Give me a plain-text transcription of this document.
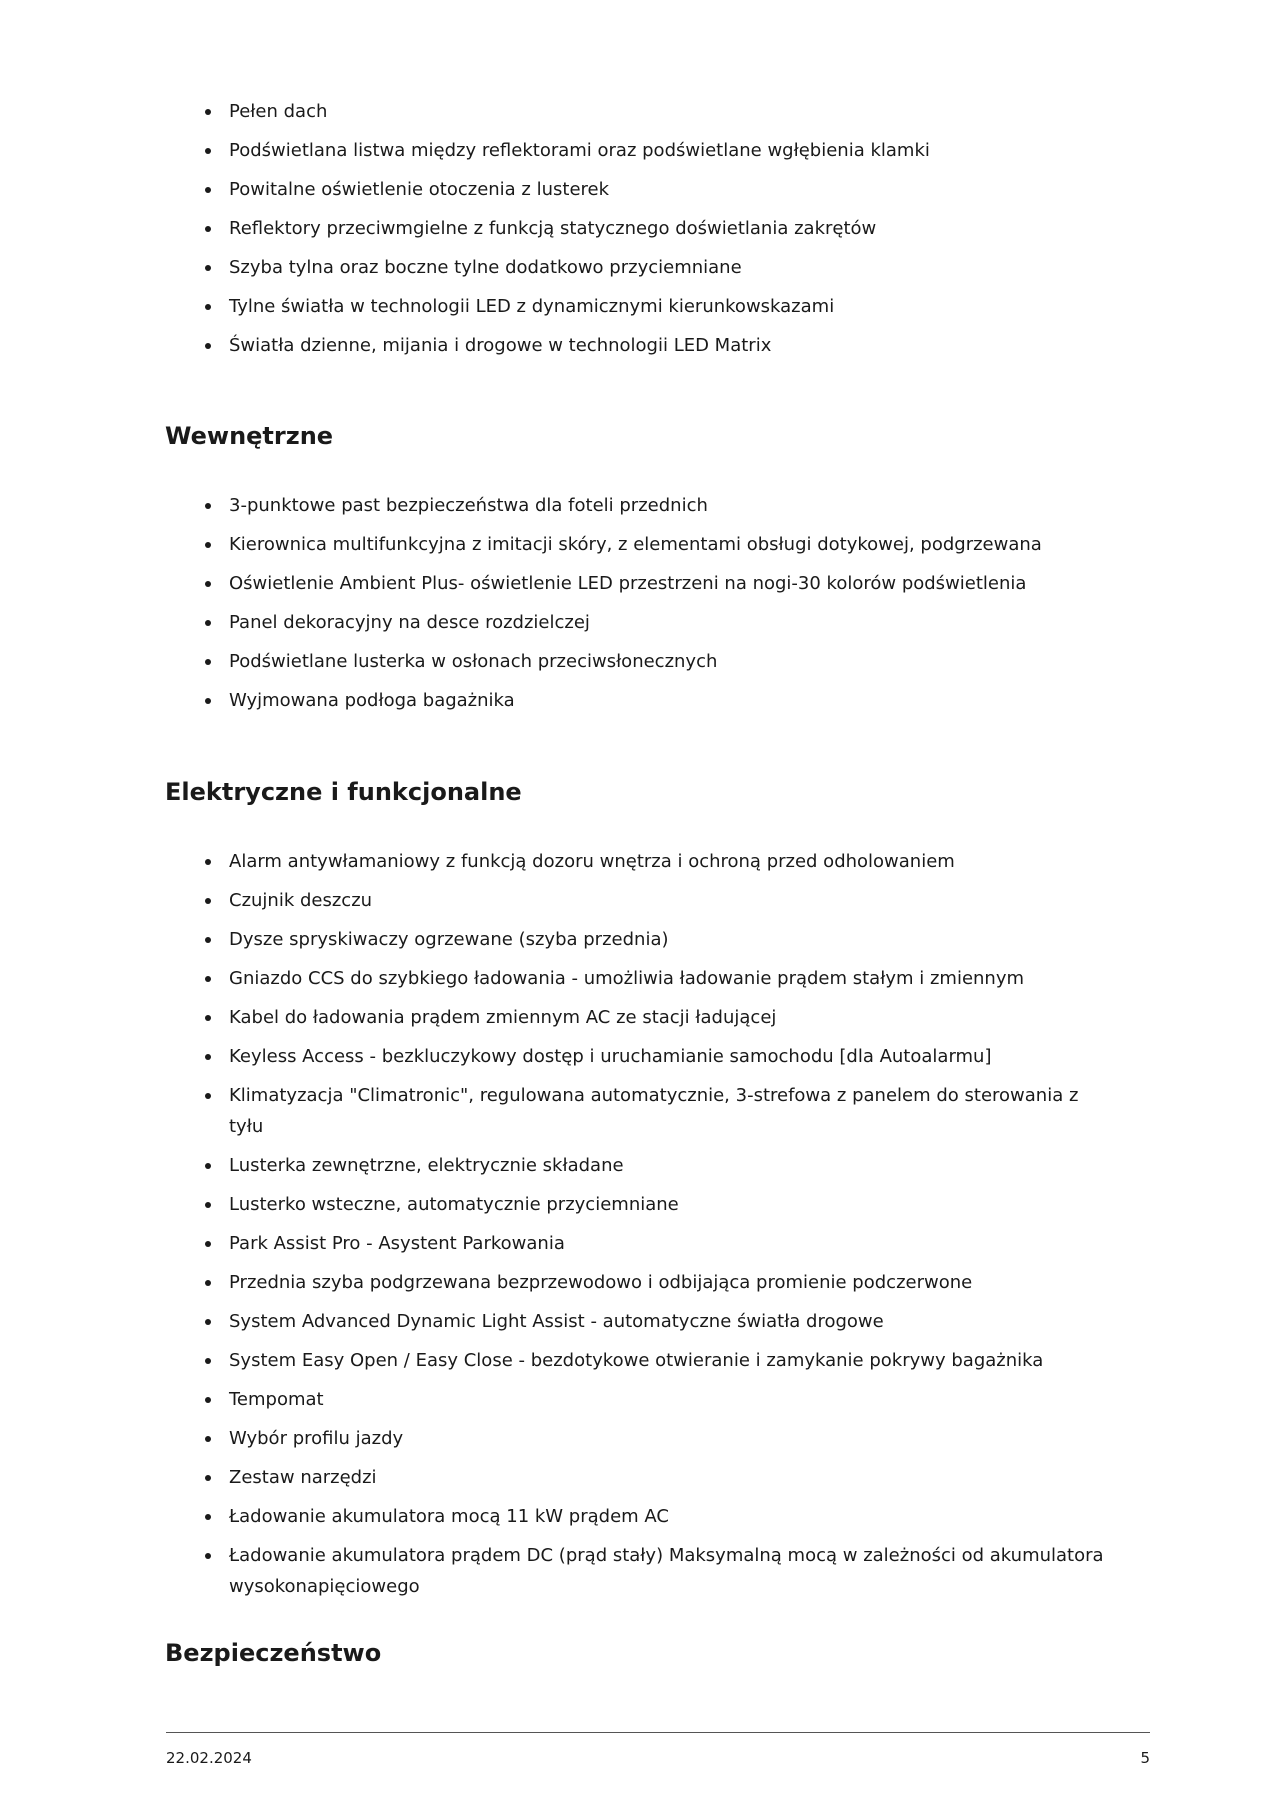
Pełen dach
Podświetlana listwa między reflektorami oraz podświetlane wgłębienia klamki
Powitalne oświetlenie otoczenia z lusterek
Reflektory przeciwmgielne z funkcją statycznego doświetlania zakrętów
Szyba tylna oraz boczne tylne dodatkowo przyciemniane
Tylne światła w technologii LED z dynamicznymi kierunkowskazami
Światła dzienne, mijania i drogowe w technologii LED Matrix
Wewnętrzne
3-punktowe past bezpieczeństwa dla foteli przednich
Kierownica multifunkcyjna z imitacji skóry, z elementami obsługi dotykowej, podgrzewana
Oświetlenie Ambient Plus- oświetlenie LED przestrzeni na nogi-30 kolorów podświetlenia
Panel dekoracyjny na desce rozdzielczej
Podświetlane lusterka w osłonach przeciwsłonecznych
Wyjmowana podłoga bagażnika
Elektryczne i funkcjonalne
Alarm antywłamaniowy z funkcją dozoru wnętrza i ochroną przed odholowaniem
Czujnik deszczu
Dysze spryskiwaczy ogrzewane (szyba przednia)
Gniazdo CCS do szybkiego ładowania - umożliwia ładowanie prądem stałym i zmiennym
Kabel do ładowania prądem zmiennym AC ze stacji ładującej
Keyless Access - bezkluczykowy dostęp i uruchamianie samochodu [dla Autoalarmu]
Klimatyzacja "Climatronic", regulowana automatycznie, 3-strefowa z panelem do sterowania z tyłu
Lusterka zewnętrzne, elektrycznie składane
Lusterko wsteczne, automatycznie przyciemniane
Park Assist Pro - Asystent Parkowania
Przednia szyba podgrzewana bezprzewodowo i odbijająca promienie podczerwone
System Advanced Dynamic Light Assist - automatyczne światła drogowe
System Easy Open / Easy Close - bezdotykowe otwieranie i zamykanie pokrywy bagażnika
Tempomat
Wybór profilu jazdy
Zestaw narzędzi
Ładowanie akumulatora mocą 11 kW prądem AC
Ładowanie akumulatora prądem DC (prąd stały) Maksymalną mocą w zależności od akumulatora wysokonapięciowego
Bezpieczeństwo
22.02.2024	5
